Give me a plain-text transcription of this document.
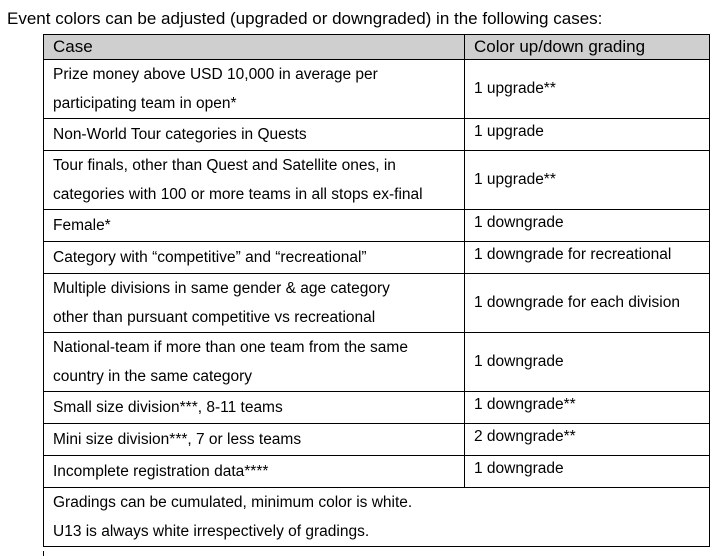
Event colors can be adjusted (upgraded or downgraded) in the following cases:
Case	Color up/down grading

Prize money above USD 10,000 in average per
participating team in open*	1 upgrade**

Non-World Tour categories in Quests	1 upgrade

Tour finals, other than Quest and Satellite ones, in
categories with 100 or more teams in all stops ex-final	1 upgrade**

Female*	1 downgrade

Category with “competitive” and “recreational”	1 downgrade for recreational

Multiple divisions in same gender & age category
other than pursuant competitive vs recreational	1 downgrade for each division

National-team if more than one team from the same
country in the same category	1 downgrade

Small size division***, 8-11 teams	1 downgrade**

Mini size division***, 7 or less teams	2 downgrade**

Incomplete registration data****	1 downgrade

Gradings can be cumulated, minimum color is white.
U13 is always white irrespectively of gradings.	
